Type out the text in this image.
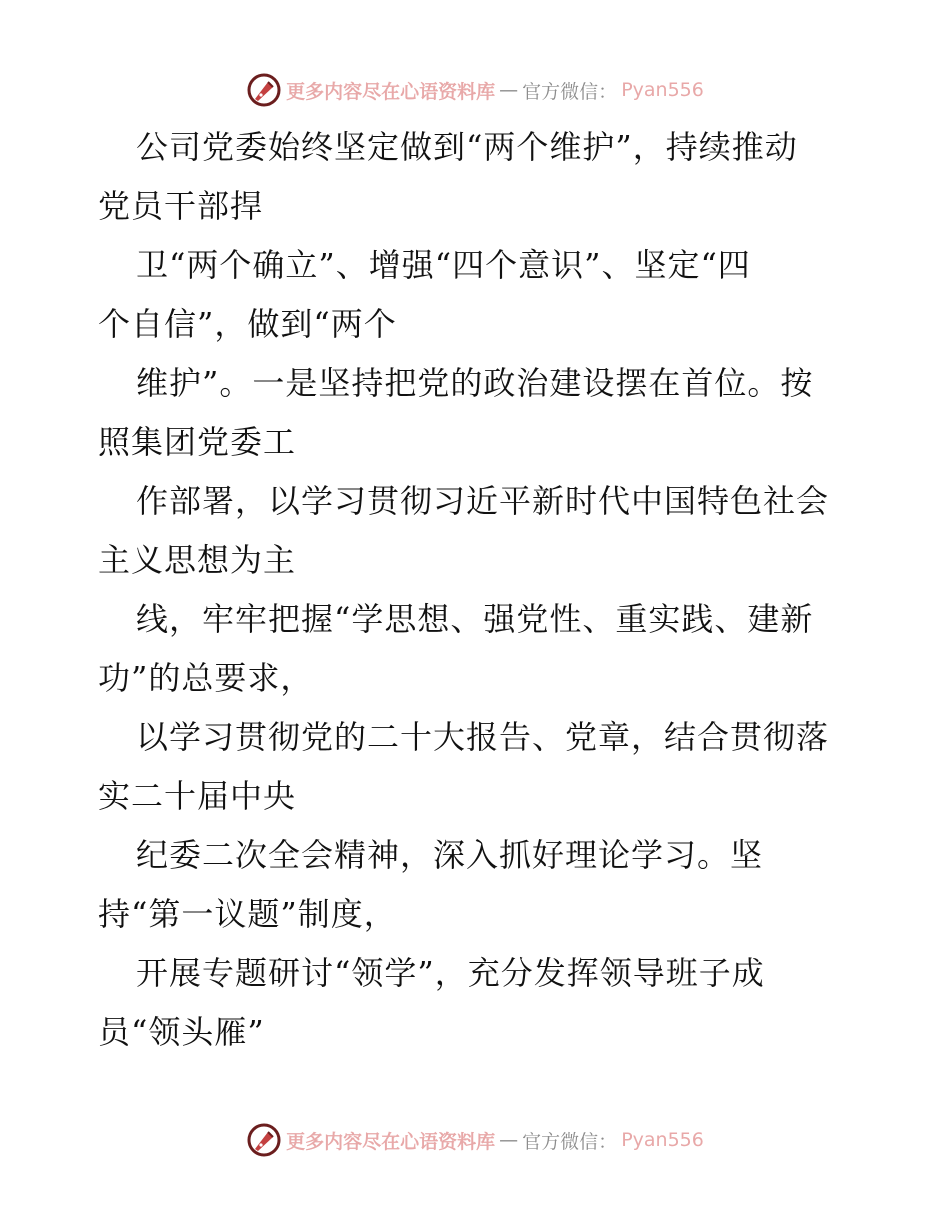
更多内容尽在心语资料库 — 官方微信： Pyan556
公司党委始终坚定做到“两个维护”，持续推动
党员干部捍
卫“两个确立”、增强“四个意识”、坚定“四
个自信”，做到“两个
维护”。一是坚持把党的政治建设摆在首位。按
照集团党委工
作部署，以学习贯彻习近平新时代中国特色社会
主义思想为主
线，牢牢把握“学思想、强党性、重实践、建新
功”的总要求，
以学习贯彻党的二十大报告、党章，结合贯彻落
实二十届中央
纪委二次全会精神，深入抓好理论学习。坚
持“第一议题”制度，
开展专题研讨“领学”，充分发挥领导班子成
员“领头雁”
更多内容尽在心语资料库 — 官方微信： Pyan556
